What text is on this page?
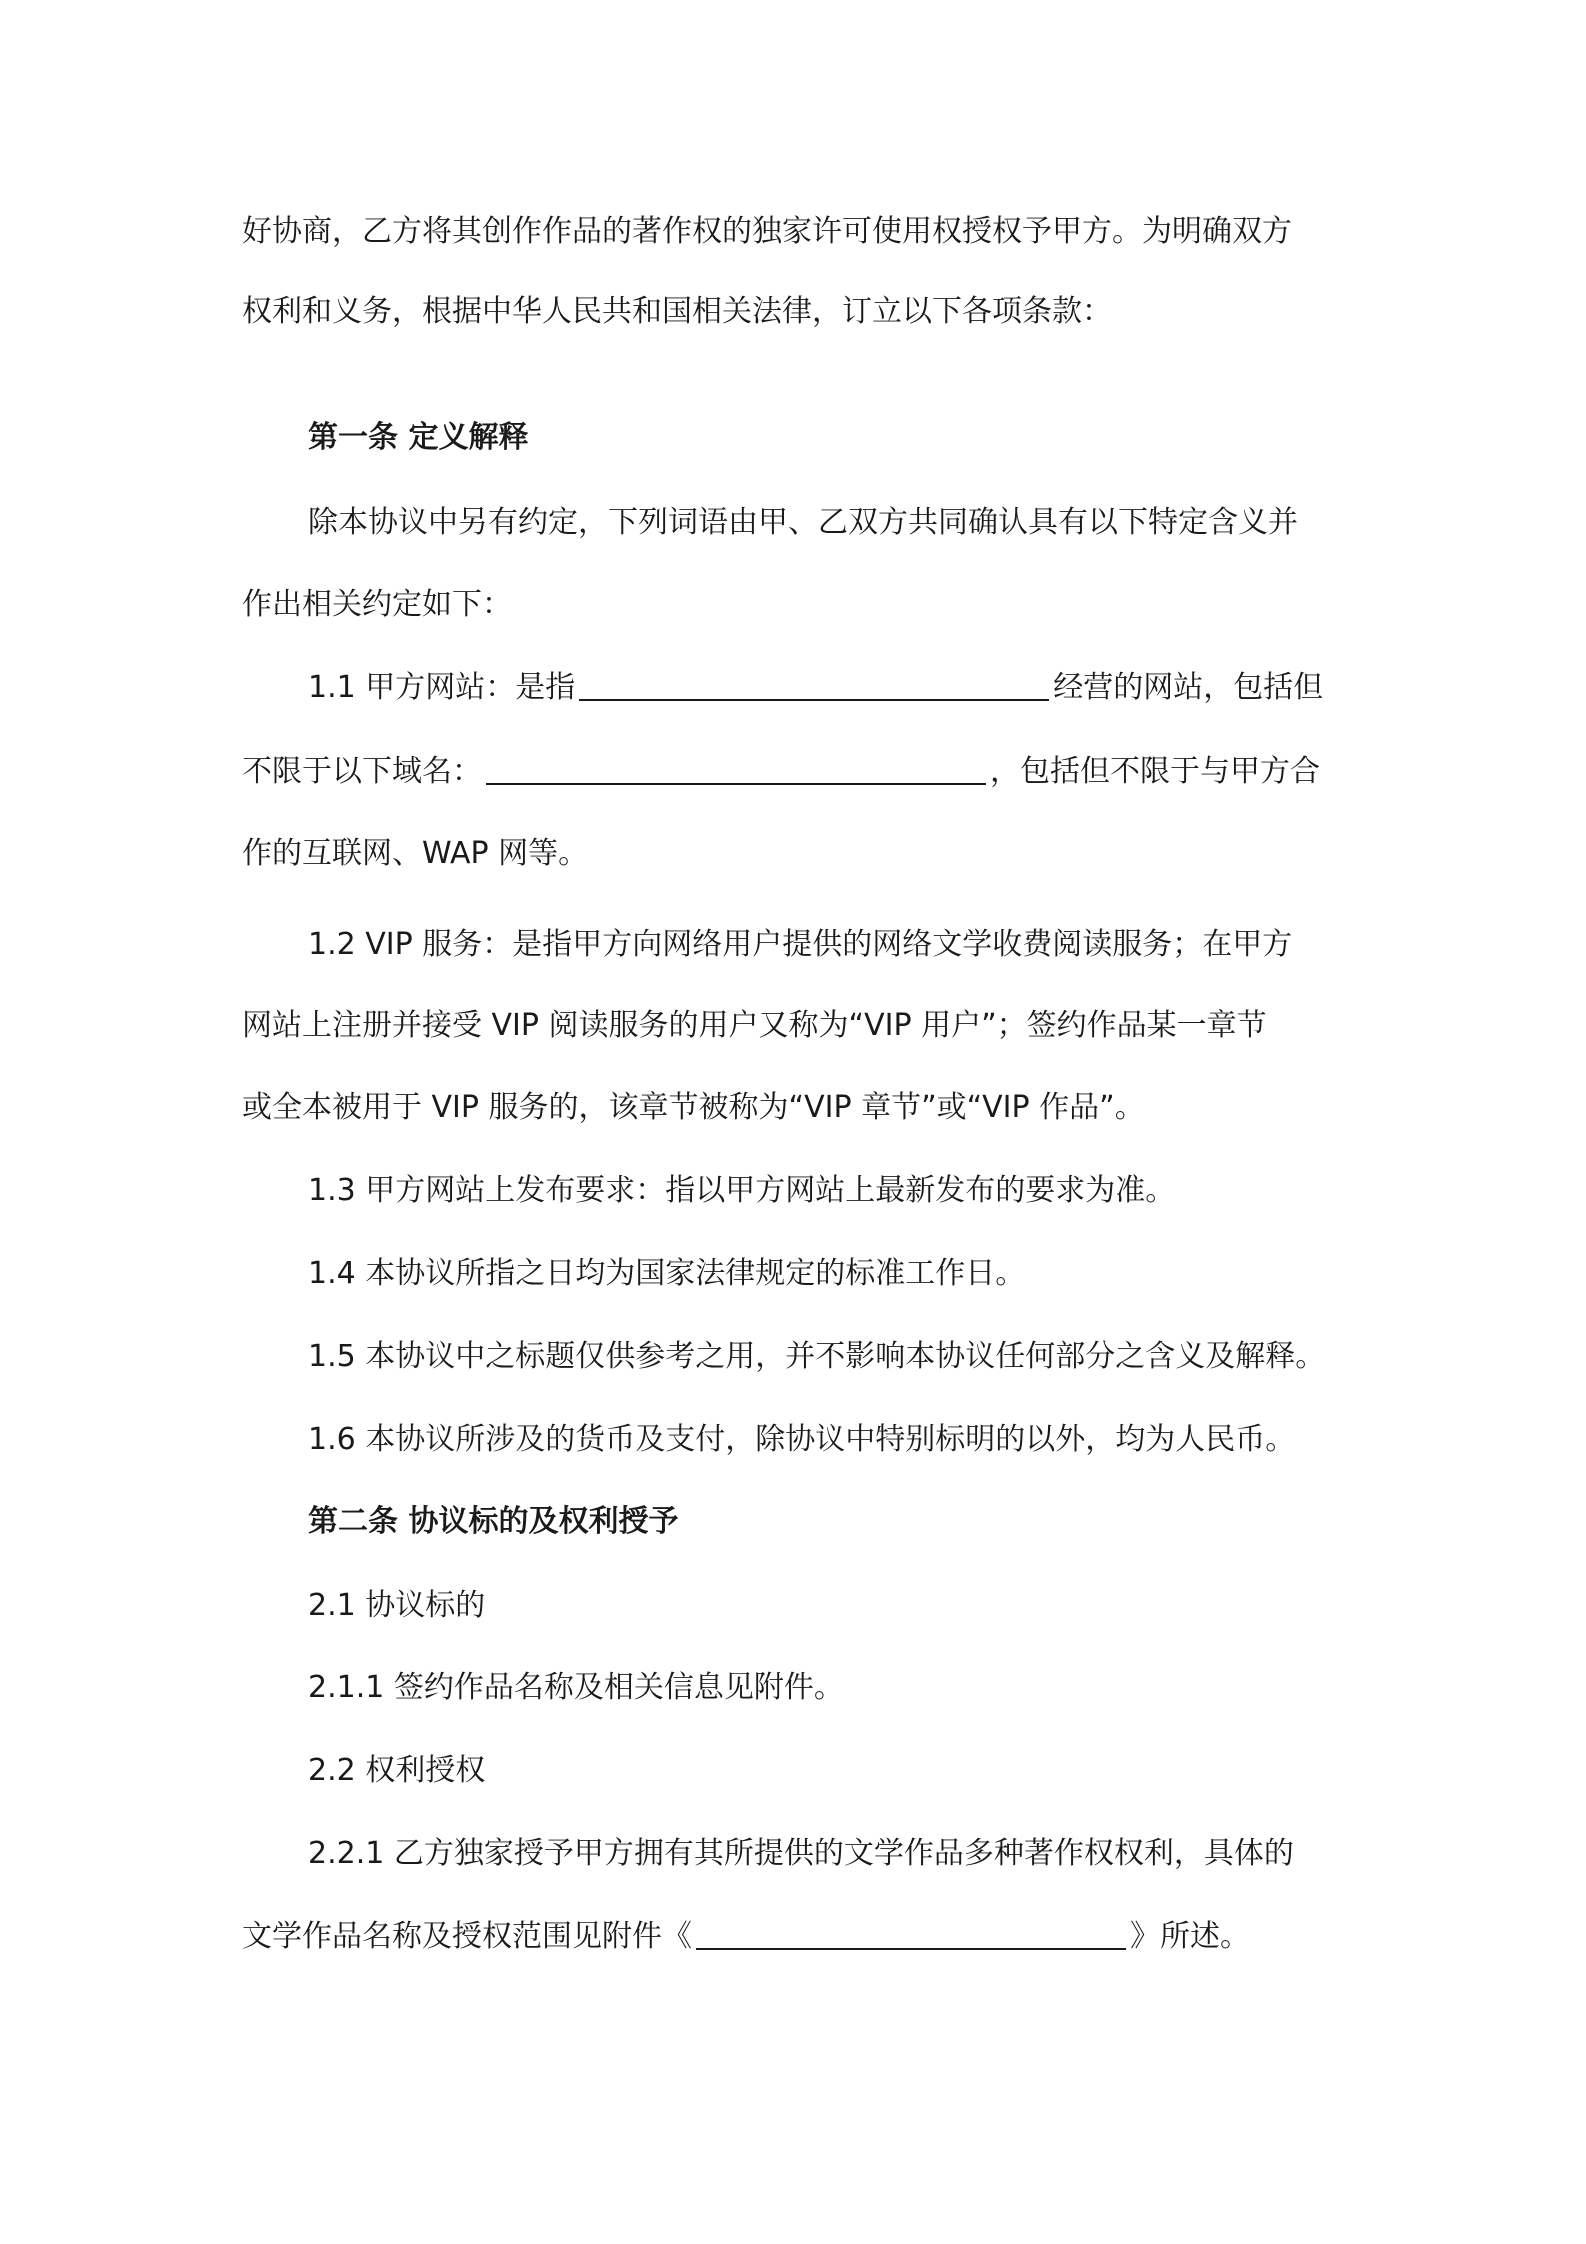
好协商，乙方将其创作作品的著作权的独家许可使用权授权予甲方。为明确双方
权利和义务，根据中华人民共和国相关法律，订立以下各项条款：
第一条 定义解释
除本协议中另有约定，下列词语由甲、乙双方共同确认具有以下特定含义并
作出相关约定如下：
1.1 甲方网站：是指	经营的网站，包括但
不限于以下域名：	，包括但不限于与甲方合
作的互联网、WAP 网等。
1.2 VIP 服务：是指甲方向网络用户提供的网络文学收费阅读服务；在甲方
网站上注册并接受 VIP 阅读服务的用户又称为“VIP 用户”；签约作品某一章节
或全本被用于 VIP 服务的，该章节被称为“VIP 章节”或“VIP 作品”。
1.3 甲方网站上发布要求：指以甲方网站上最新发布的要求为准。
1.4 本协议所指之日均为国家法律规定的标准工作日。
1.5 本协议中之标题仅供参考之用，并不影响本协议任何部分之含义及解释。
1.6 本协议所涉及的货币及支付，除协议中特别标明的以外，均为人民币。
第二条 协议标的及权利授予
2.1 协议标的
2.1.1 签约作品名称及相关信息见附件。
2.2 权利授权
2.2.1 乙方独家授予甲方拥有其所提供的文学作品多种著作权权利，具体的
文学作品名称及授权范围见附件《	》所述。
